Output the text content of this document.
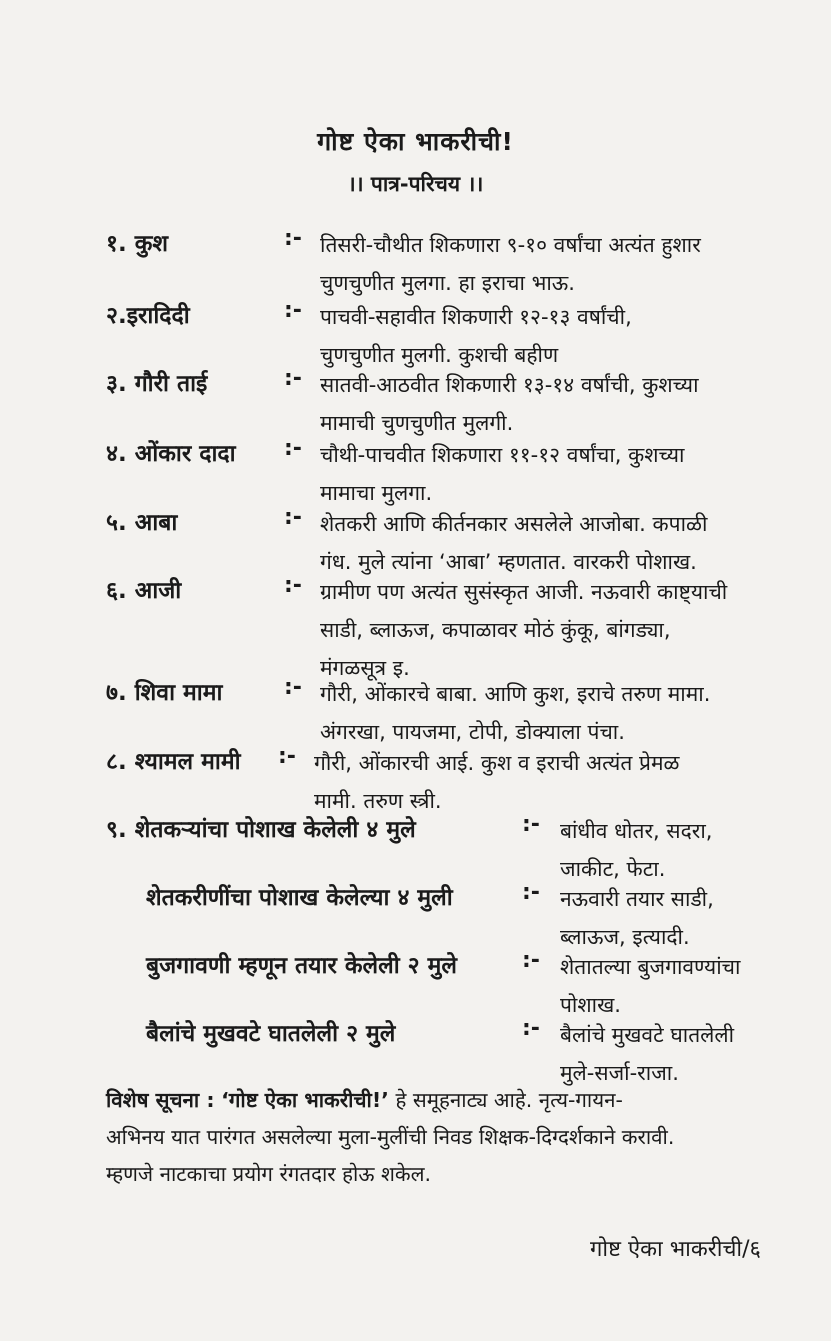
गोष्ट ऐका भाकरीची!
।। पात्र-परिचय ।।
१. कुश	:- तिसरी-चौथीत शिकणारा ९-१० वर्षांचा अत्यंत हुशार
चुणचुणीत मुलगा. हा इराचा भाऊ.
२.इरादिदी	:- पाचवी-सहावीत शिकणारी १२-१३ वर्षांची,
चुणचुणीत मुलगी. कुशची बहीण
३. गौरी ताई	:- सातवी-आठवीत शिकणारी १३-१४ वर्षांची, कुशच्या
मामाची चुणचुणीत मुलगी.
४. ओंकार दादा :- चौथी-पाचवीत शिकणारा ११-१२ वर्षांचा, कुशच्या
मामाचा मुलगा.
५. आबा	:- शेतकरी आणि कीर्तनकार असलेले आजोबा. कपाळी
गंध. मुले त्यांना ‘आबा’ म्हणतात. वारकरी पोशाख.
६. आजी	:- ग्रामीण पण अत्यंत सुसंस्कृत आजी. नऊवारी काष्ट्याची
साडी, ब्लाऊज, कपाळावर मोठं कुंकू, बांगड्या,
मंगळसूत्र इ.
७. शिवा मामा	:- गौरी, ओंकारचे बाबा. आणि कुश, इराचे तरुण मामा.
अंगरखा, पायजमा, टोपी, डोक्याला पंचा.
८. श्यामल मामी :- गौरी, ओंकारची आई. कुश व इराची अत्यंत प्रेमळ
मामी. तरुण स्त्री.
९. शेतकऱ्यांचा पोशाख केलेली ४ मुले	:- बांधीव धोतर, सदरा,
जाकीट, फेटा.
शेतकरीणींचा पोशाख केलेल्या ४ मुली	:- नऊवारी तयार साडी,
ब्लाऊज, इत्यादी.
बुजगावणी म्हणून तयार केलेली २ मुले	:- शेतातल्या बुजगावण्यांचा
पोशाख.
बैलांचे मुखवटे घातलेली २ मुले	:- बैलांचे मुखवटे घातलेली
मुले-सर्जा-राजा.
विशेष सूचना : ‘गोष्ट ऐका भाकरीची!’ हे समूहनाट्य आहे. नृत्य-गायन-
अभिनय यात पारंगत असलेल्या मुला-मुलींची निवड शिक्षक-दिग्दर्शकाने करावी.
म्हणजे नाटकाचा प्रयोग रंगतदार होऊ शकेल.
गोष्ट ऐका भाकरीची/६
